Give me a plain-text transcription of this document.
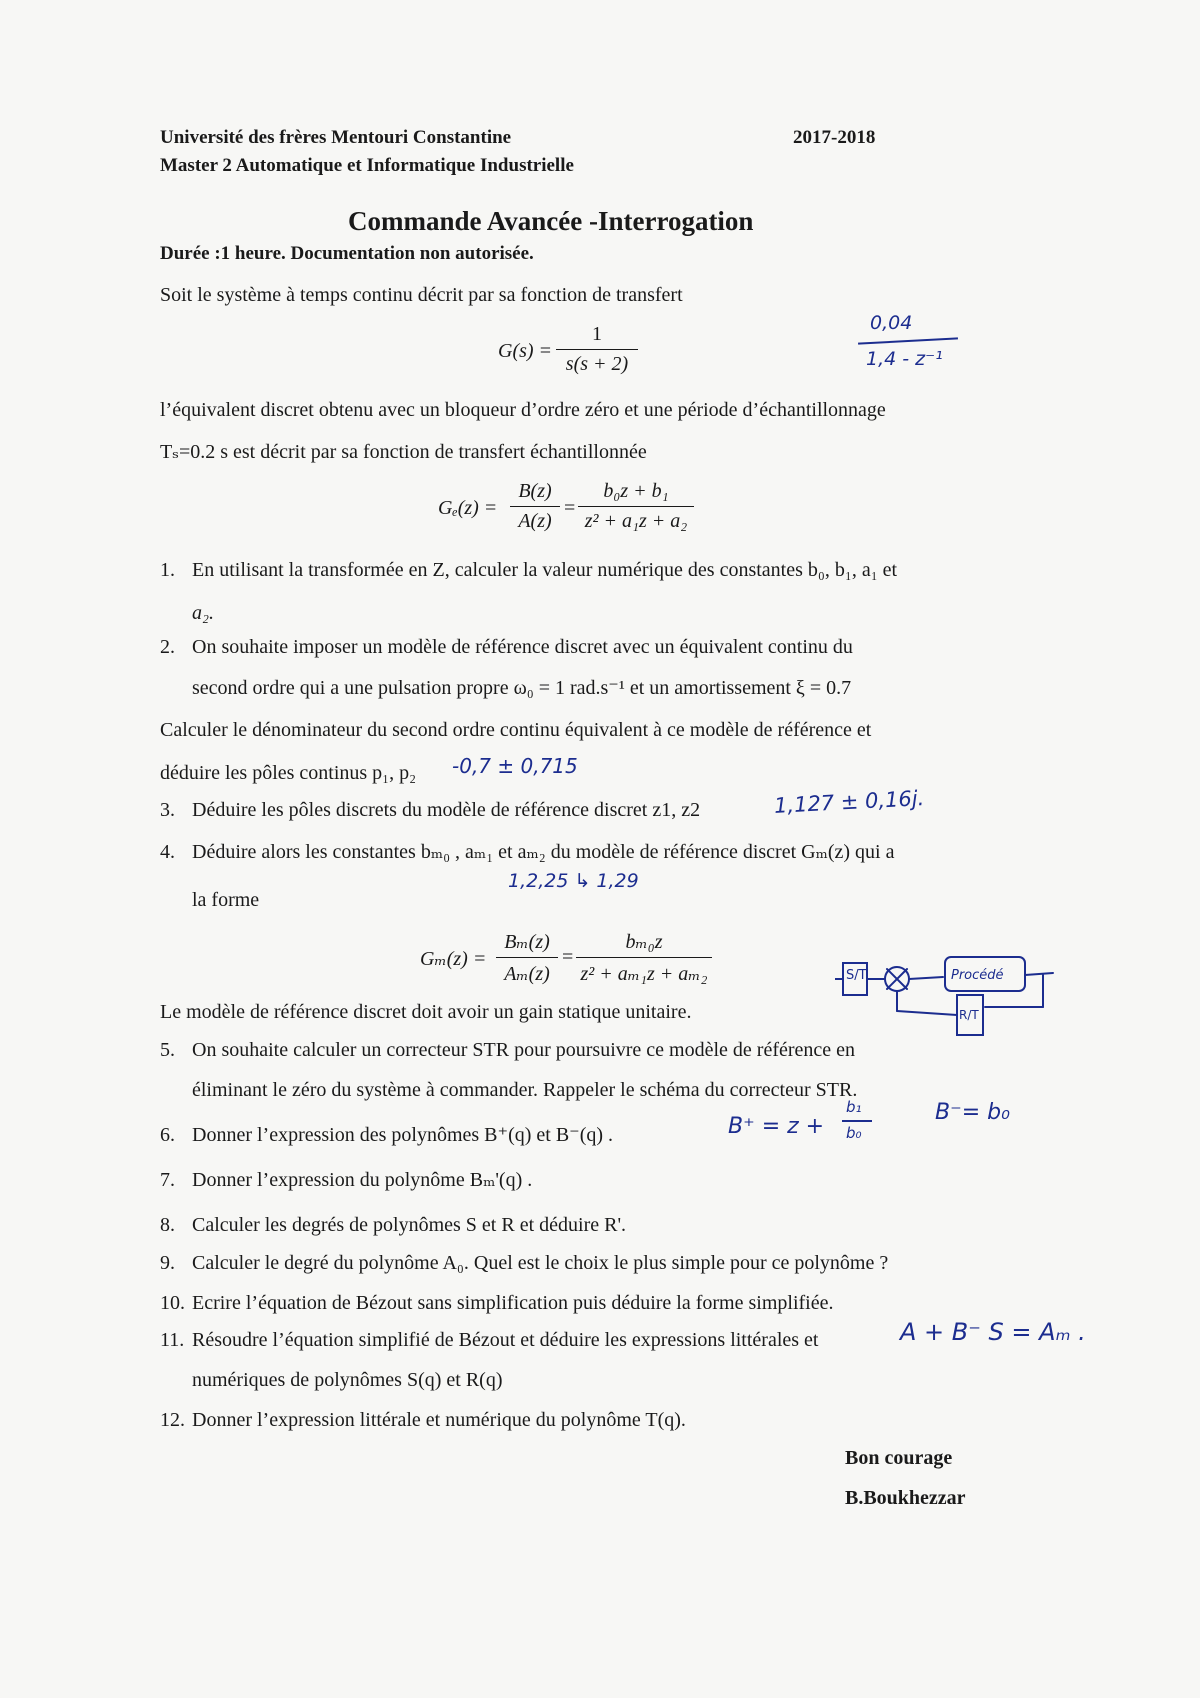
Université des frères Mentouri Constantine
Master 2 Automatique et Informatique Industrielle
2017-2018
Commande Avancée -Interrogation
Durée :1 heure. Documentation non autorisée.
Soit le système à temps continu décrit par sa fonction de transfert
G(s) =
1
s(s + 2)
0,04
1,4 - z⁻¹
l’équivalent discret obtenu avec un bloqueur d’ordre zéro et une période d’échantillonnage
Tₛ=0.2 s est décrit par sa fonction de transfert échantillonnée
Gₑ(z) =
B(z)
A(z)
=
b₀z + b₁
z² + a₁z + a₂
1. En utilisant la transformée en Z, calculer la valeur numérique des constantes b₀, b₁, a₁ et
a₂.
2. On souhaite imposer un modèle de référence discret avec un équivalent continu du
second ordre qui a une pulsation propre ω₀ = 1 rad.s⁻¹ et un amortissement ξ = 0.7
Calculer le dénominateur du second ordre continu équivalent à ce modèle de référence et
déduire les pôles continus p₁, p₂ -0,7 ± 0,715
3. Déduire les pôles discrets du modèle de référence discret z1, z2	1,127 ± 0,16j.
4. Déduire alors les constantes bₘ₀ , aₘ₁ et aₘ₂ du modèle de référence discret Gₘ(z) qui a
la forme
1,2,25 ↳ 1,29
Gₘ(z) =
Bₘ(z)
Aₘ(z)
=
bₘ₀z
z² + aₘ₁z + aₘ₂	S/T	Procédé
R/T
Le modèle de référence discret doit avoir un gain statique unitaire.
5. On souhaite calculer un correcteur STR pour poursuivre ce modèle de référence en
éliminant le zéro du système à commander. Rappeler le schéma du correcteur STR.
6. Donner l’expression des polynômes B⁺(q) et B⁻(q) .	B⁺ = z +
b₁
b₀
B⁻= b₀
7. Donner l’expression du polynôme Bₘ'(q) .
8. Calculer les degrés de polynômes S et R et déduire R'.
9. Calculer le degré du polynôme A₀. Quel est le choix le plus simple pour ce polynôme ?
10. Ecrire l’équation de Bézout sans simplification puis déduire la forme simplifiée.
11. Résoudre l’équation simplifié de Bézout et déduire les expressions littérales et	A + B⁻ S = Aₘ .
numériques de polynômes S(q) et R(q)
12. Donner l’expression littérale et numérique du polynôme T(q).
Bon courage
B.Boukhezzar
